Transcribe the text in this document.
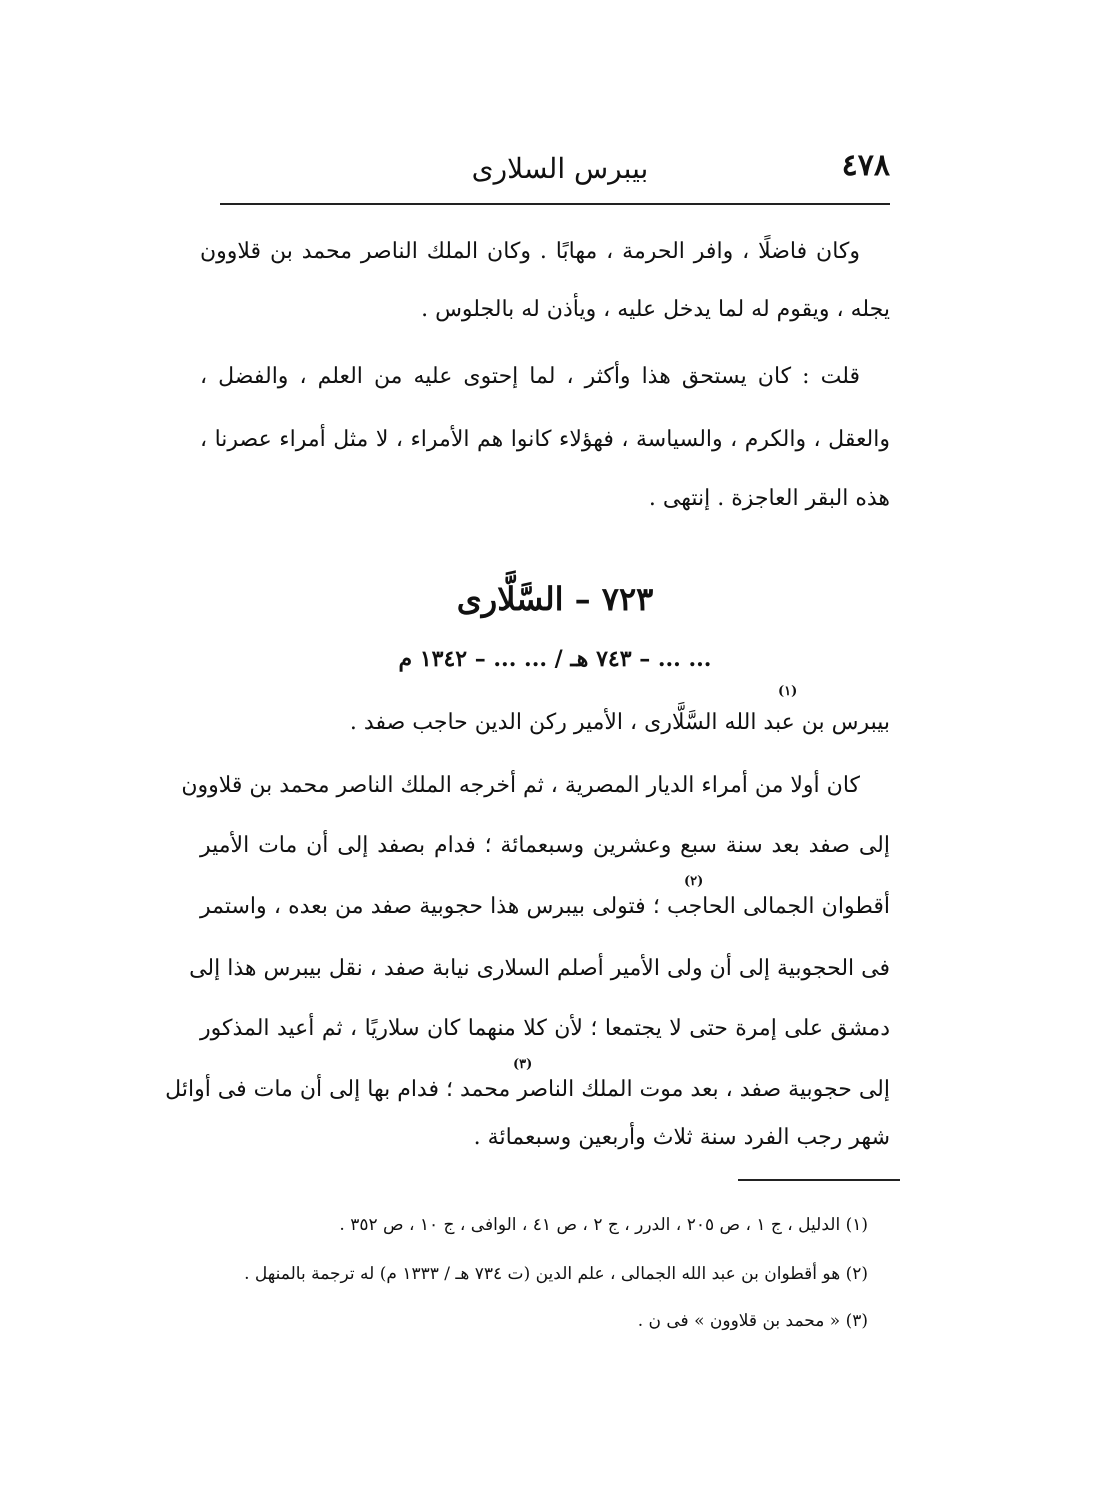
٤٧٨
بيبرس السلارى
وكان فاضلًا ، وافر الحرمة ، مهابًا . وكان الملك الناصر محمد بن قلاوون
يجله ، ويقوم له لما يدخل عليه ، ويأذن له بالجلوس .
قلت : كان يستحق هذا وأكثر ، لما إحتوى عليه من العلم ، والفضل ،
والعقل ، والكرم ، والسياسة ، فهؤلاء كانوا هم الأمراء ، لا مثل أمراء عصرنا ،
هذه البقر العاجزة . إنتهى .
٧٢٣ – السَّلَّارى
... ... – ٧٤٣ هـ / ... ... – ١٣٤٢ م
(١)
بيبرس بن عبد الله السَّلَّارى ، الأمير ركن الدين حاجب صفد .
كان أولا من أمراء الديار المصرية ، ثم أخرجه الملك الناصر محمد بن قلاوون
إلى صفد بعد سنة سبع وعشرين وسبعمائة ؛ فدام بصفد إلى أن مات الأمير
(٢)
أقطوان الجمالى الحاجب ؛ فتولى بيبرس هذا حجوبية صفد من بعده ، واستمر
فى الحجوبية إلى أن ولى الأمير أصلم السلارى نيابة صفد ، نقل بيبرس هذا إلى
دمشق على إمرة حتى لا يجتمعا ؛ لأن كلا منهما كان سلاريًا ، ثم أعيد المذكور
(٣)
إلى حجوبية صفد ، بعد موت الملك الناصر محمد ؛ فدام بها إلى أن مات فى أوائل
شهر رجب الفرد سنة ثلاث وأربعين وسبعمائة .
(١) الدليل ، ج ١ ، ص ٢٠٥ ، الدرر ، ج ٢ ، ص ٤١ ، الوافى ، ج ١٠ ، ص ٣٥٢ .
(٢) هو أقطوان بن عبد الله الجمالى ، علم الدين (ت ٧٣٤ هـ / ١٣٣٣ م) له ترجمة بالمنهل .
(٣) « محمد بن قلاوون » فى ن .
